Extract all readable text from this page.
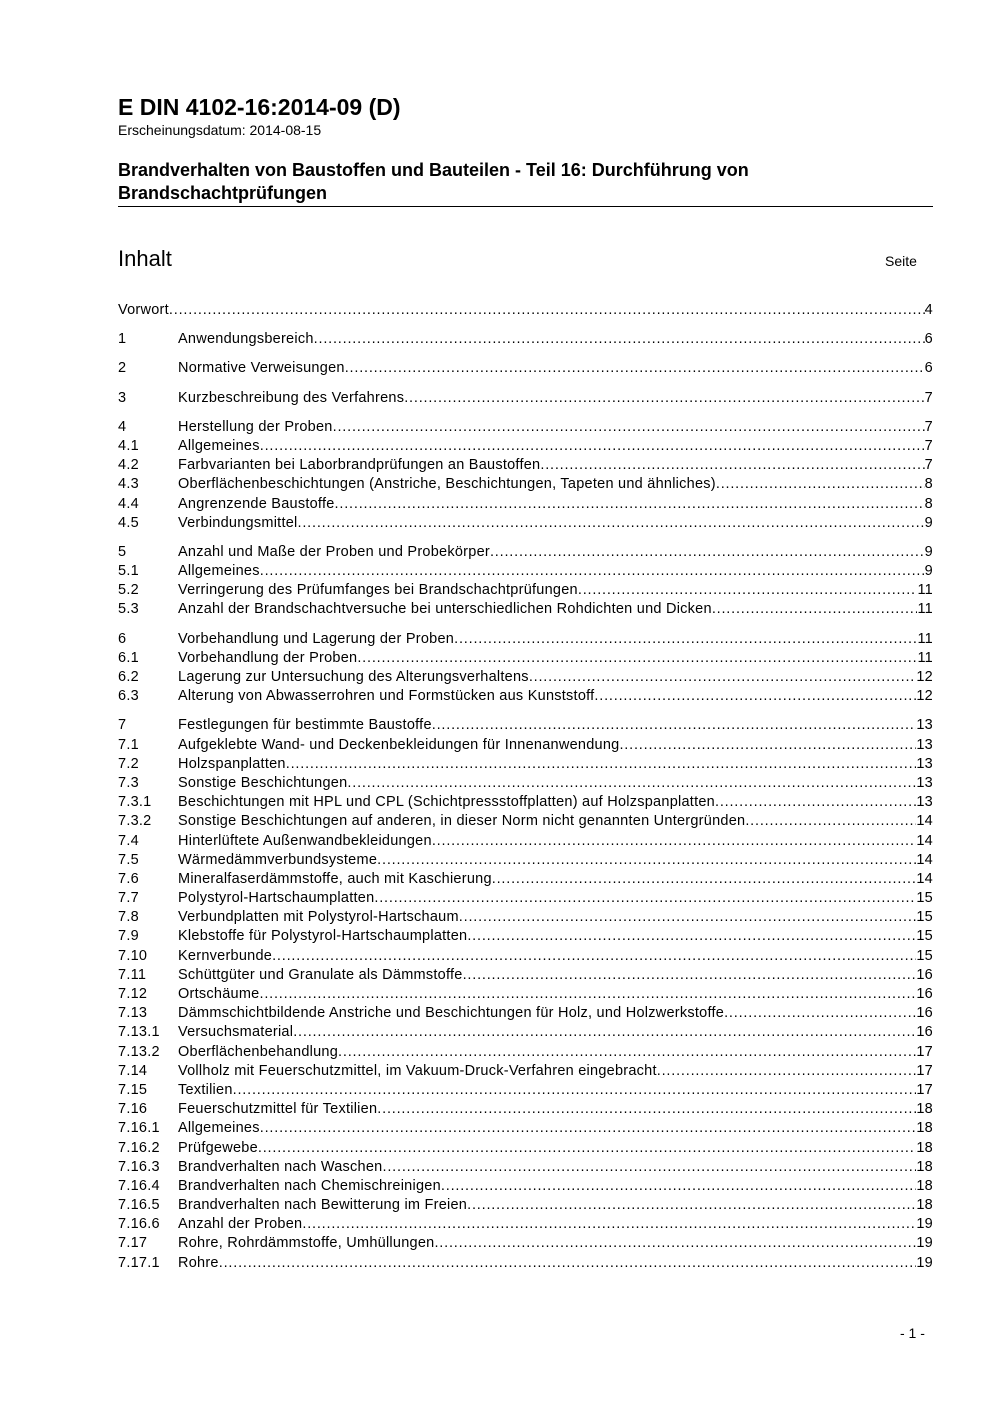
E DIN 4102-16:2014-09 (D)
Erscheinungsdatum: 2014-08-15
Brandverhalten von Baustoffen und Bauteilen - Teil 16: Durchführung von Brandschachtprüfungen
Inhalt	Seite
Vorwort .....	4
1	Anwendungsbereich .....	6
2	Normative Verweisungen .....	6
3	Kurzbeschreibung des Verfahrens .....	7
4	Herstellung der Proben .....	7
4.1	Allgemeines .....	7
4.2	Farbvarianten bei Laborbrandprüfungen an Baustoffen .....	7
4.3	Oberflächenbeschichtungen (Anstriche, Beschichtungen, Tapeten und ähnliches) .....	8
4.4	Angrenzende Baustoffe .....	8
4.5	Verbindungsmittel .....	9
5	Anzahl und Maße der Proben und Probekörper .....	9
5.1	Allgemeines .....	9
5.2	Verringerung des Prüfumfanges bei Brandschachtprüfungen .....	11
5.3	Anzahl der Brandschachtversuche bei unterschiedlichen Rohdichten und Dicken .....	11
6	Vorbehandlung und Lagerung der Proben .....	11
6.1	Vorbehandlung der Proben .....	11
6.2	Lagerung zur Untersuchung des Alterungsverhaltens .....	12
6.3	Alterung von Abwasserrohren und Formstücken aus Kunststoff .....	12
7	Festlegungen für bestimmte Baustoffe .....	13
7.1	Aufgeklebte Wand- und Deckenbekleidungen für Innenanwendung .....	13
7.2	Holzspanplatten .....	13
7.3	Sonstige Beschichtungen .....	13
7.3.1 Beschichtungen mit HPL und CPL (Schichtpressstoffplatten) auf Holzspanplatten .....	13
7.3.2 Sonstige Beschichtungen auf anderen, in dieser Norm nicht genannten Untergründen .....	14
7.4	Hinterlüftete Außenwandbekleidungen .....	14
7.5	Wärmedämmverbundsysteme .....	14
7.6	Mineralfaserdämmstoffe, auch mit Kaschierung .....	14
7.7	Polystyrol-Hartschaumplatten .....	15
7.8	Verbundplatten mit Polystyrol-Hartschaum .....	15
7.9	Klebstoffe für Polystyrol-Hartschaumplatten .....	15
7.10 Kernverbunde .....	15
7.11 Schüttgüter und Granulate als Dämmstoffe .....	16
7.12 Ortschäume .....	16
7.13 Dämmschichtbildende Anstriche und Beschichtungen für Holz, und Holzwerkstoffe .....	16
7.13.1 Versuchsmaterial .....	16
7.13.2 Oberflächenbehandlung .....	17
7.14 Vollholz mit Feuerschutzmittel, im Vakuum-Druck-Verfahren eingebracht .....	17
7.15 Textilien .....	17
7.16 Feuerschutzmittel für Textilien .....	18
7.16.1 Allgemeines .....	18
7.16.2 Prüfgewebe .....	18
7.16.3 Brandverhalten nach Waschen .....	18
7.16.4 Brandverhalten nach Chemischreinigen .....	18
7.16.5 Brandverhalten nach Bewitterung im Freien .....	18
7.16.6 Anzahl der Proben .....	19
7.17 Rohre, Rohrdämmstoffe, Umhüllungen .....	19
7.17.1 Rohre .....	19
- 1 -
